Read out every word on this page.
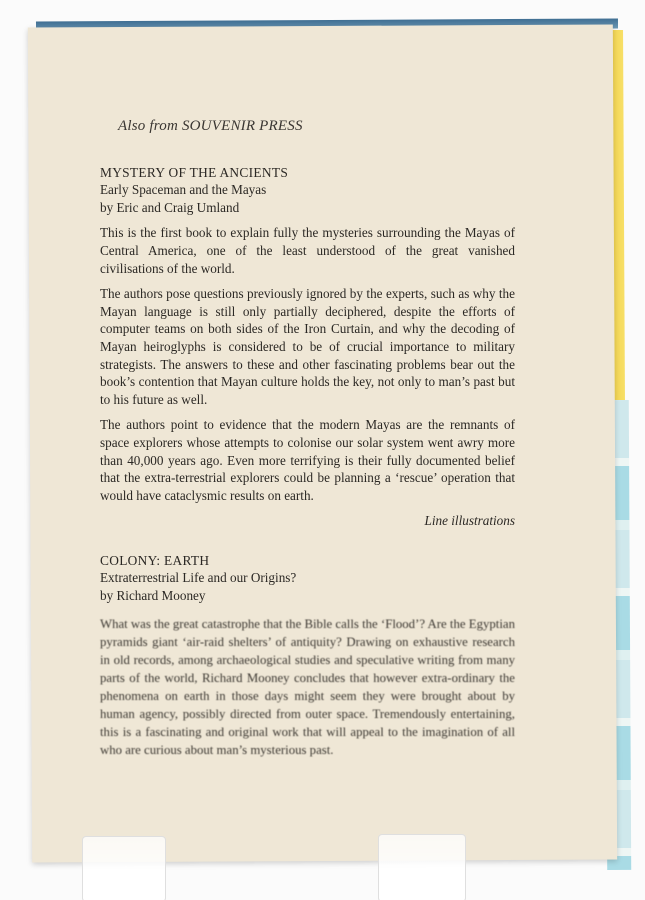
Also from SOUVENIR PRESS

MYSTERY OF THE ANCIENTS

Early Spaceman and the Mayas

by Eric and Craig Umland

This is the first book to explain fully the mysteries surrounding the Mayas of Central America, one of the least understood of the great vanished civilisations of the world.

The authors pose questions previously ignored by the experts, such as why the Mayan language is still only partially deciphered, despite the efforts of computer teams on both sides of the Iron Curtain, and why the decoding of Mayan heiroglyphs is considered to be of crucial importance to military strategists. The answers to these and other fascinating problems bear out the book’s contention that Mayan culture holds the key, not only to man’s past but to his future as well.

The authors point to evidence that the modern Mayas are the remnants of space explorers whose attempts to colonise our solar system went awry more than 40,000 years ago. Even more terrifying is their fully documented belief that the extra-terrestrial explorers could be planning a ‘rescue’ operation that would have cataclysmic results on earth.

Line illustrations

COLONY: EARTH

Extraterrestrial Life and our Origins?

by Richard Mooney

What was the great catastrophe that the Bible calls the ‘Flood’? Are the Egyptian pyramids giant ‘air-raid shelters’ of antiquity? Drawing on exhaustive research in old records, among archaeological studies and speculative writing from many parts of the world, Richard Mooney concludes that however extra-ordinary the phenomena on earth in those days might seem they were brought about by human agency, possibly directed from outer space. Tremendously entertaining, this is a fascinating and original work that will appeal to the imagination of all who are curious about man’s mysterious past.
